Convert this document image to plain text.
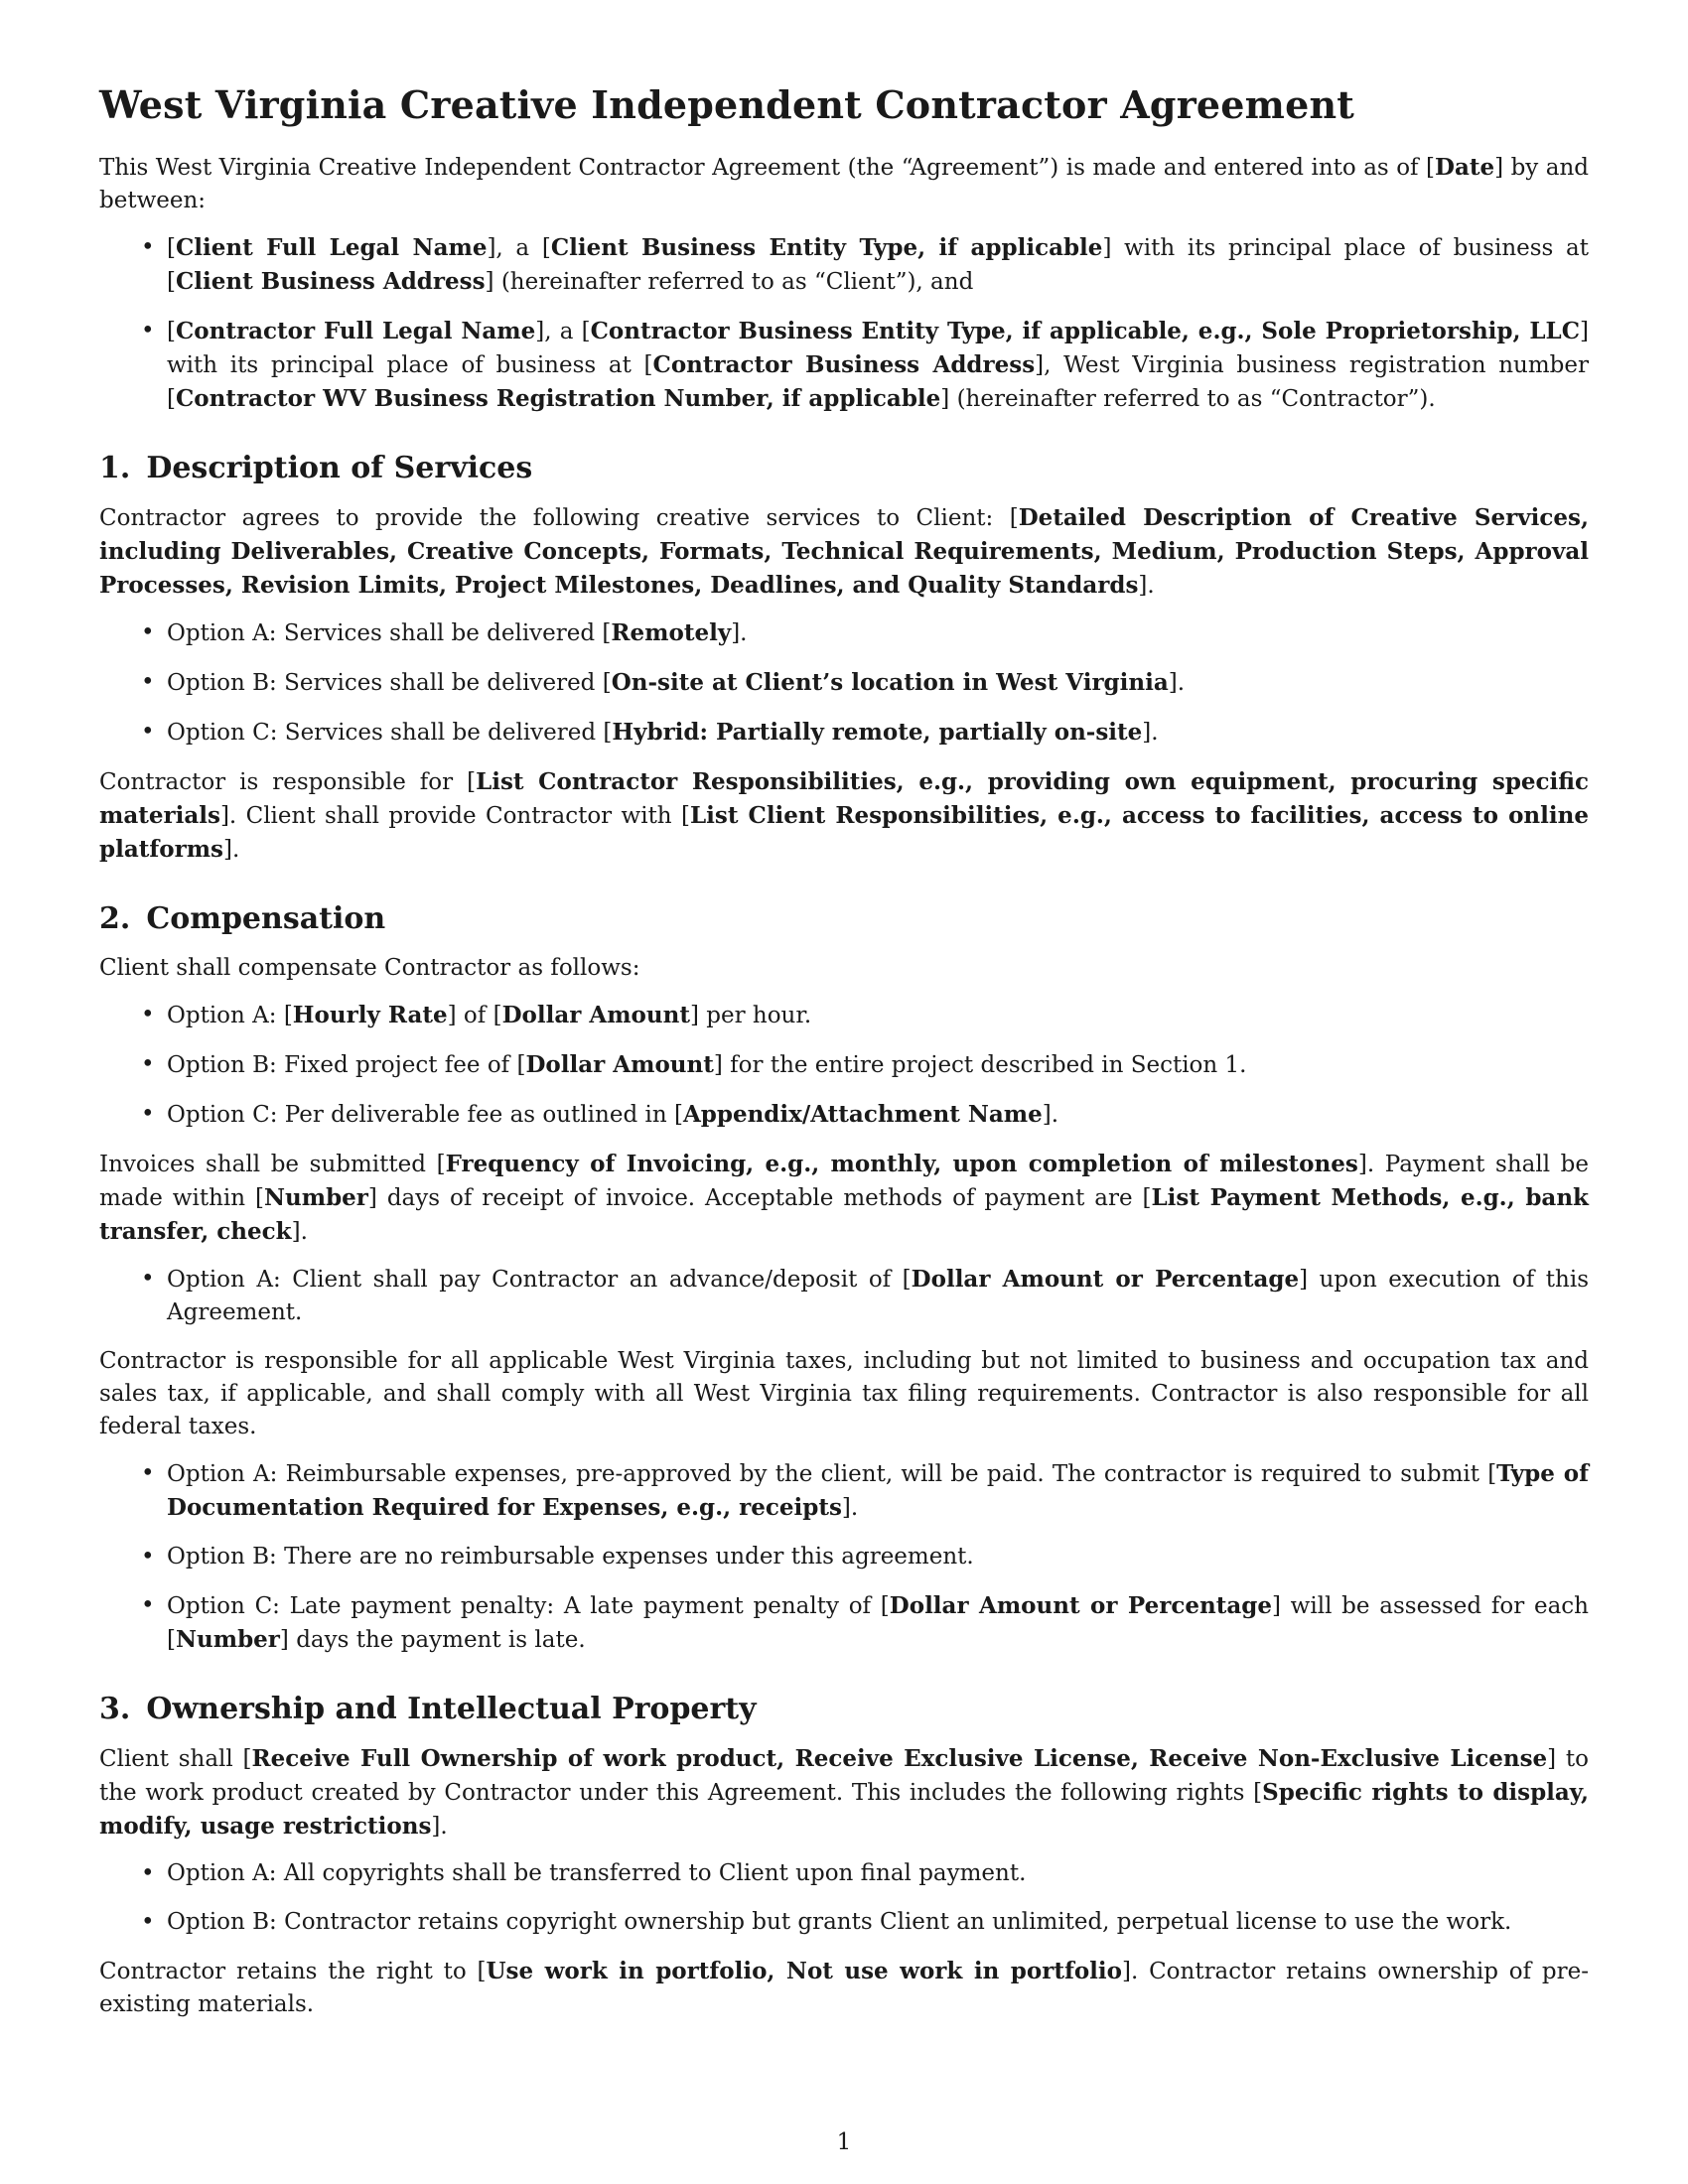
West Virginia Creative Independent Contractor Agreement

This West Virginia Creative Independent Contractor Agreement (the “Agreement”) is made and entered into as of [Date] by and between:

• [Client Full Legal Name], a [Client Business Entity Type, if applicable] with its principal place of business at [Client Business Address] (hereinafter referred to as “Client”), and
• [Contractor Full Legal Name], a [Contractor Business Entity Type, if applicable, e.g., Sole Proprietorship, LLC] with its principal place of business at [Contractor Business Address], West Virginia business registration number [Contractor WV Business Registration Number, if applicable] (hereinafter referred to as “Contractor”).
1. Description of Services

Contractor agrees to provide the following creative services to Client: [Detailed Description of Creative Services, including Deliverables, Creative Concepts, Formats, Technical Requirements, Medium, Production Steps, Approval Processes, Revision Limits, Project Milestones, Deadlines, and Quality Standards].

• Option A: Services shall be delivered [Remotely].
• Option B: Services shall be delivered [On-site at Client’s location in West Virginia].
• Option C: Services shall be delivered [Hybrid: Partially remote, partially on-site].

Contractor is responsible for [List Contractor Responsibilities, e.g., providing own equipment, procuring specific materials]. Client shall provide Contractor with [List Client Responsibilities, e.g., access to facilities, access to online platforms].

2. Compensation

Client shall compensate Contractor as follows:

• Option A: [Hourly Rate] of [Dollar Amount] per hour.
• Option B: Fixed project fee of [Dollar Amount] for the entire project described in Section 1.
• Option C: Per deliverable fee as outlined in [Appendix/Attachment Name].

Invoices shall be submitted [Frequency of Invoicing, e.g., monthly, upon completion of milestones]. Payment shall be made within [Number] days of receipt of invoice. Acceptable methods of payment are [List Payment Methods, e.g., bank transfer, check].

• Option A: Client shall pay Contractor an advance/deposit of [Dollar Amount or Percentage] upon execution of this Agreement.

Contractor is responsible for all applicable West Virginia taxes, including but not limited to business and occupation tax and sales tax, if applicable, and shall comply with all West Virginia tax filing requirements. Contractor is also responsible for all federal taxes.

• Option A: Reimbursable expenses, pre-approved by the client, will be paid. The contractor is required to submit [Type of Documentation Required for Expenses, e.g., receipts].
• Option B: There are no reimbursable expenses under this agreement.
• Option C: Late payment penalty: A late payment penalty of [Dollar Amount or Percentage] will be assessed for each [Number] days the payment is late.
3. Ownership and Intellectual Property

Client shall [Receive Full Ownership of work product, Receive Exclusive License, Receive Non-Exclusive License] to the work product created by Contractor under this Agreement. This includes the following rights [Specific rights to display, modify, usage restrictions].

• Option A: All copyrights shall be transferred to Client upon final payment.
• Option B: Contractor retains copyright ownership but grants Client an unlimited, perpetual license to use the work.

Contractor retains the right to [Use work in portfolio, Not use work in portfolio]. Contractor retains ownership of pre-existing materials.

1
